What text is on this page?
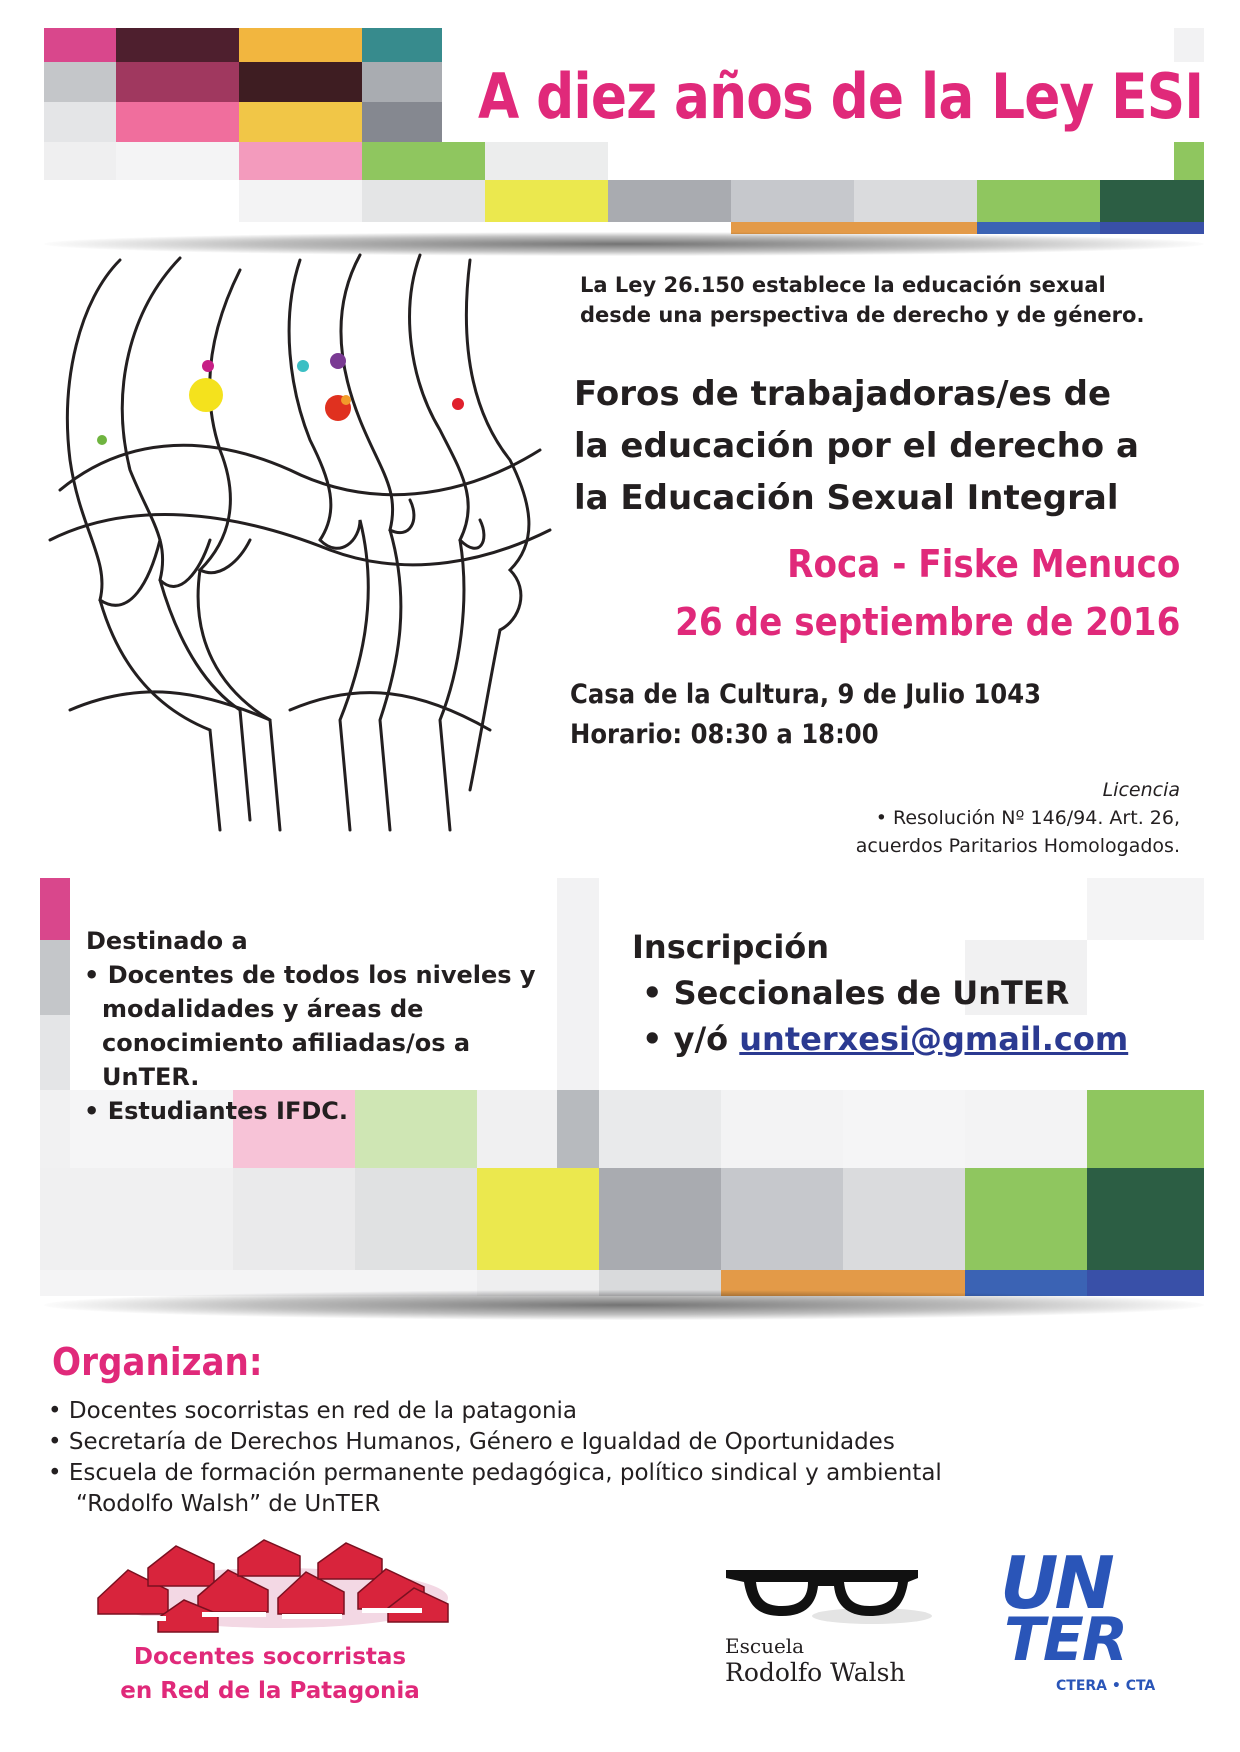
A diez años de la Ley ESI
La Ley 26.150 establece la educación sexual
desde una perspectiva de derecho y de género.
Foros de trabajadoras/es de
la educación por el derecho a
la Educación Sexual Integral
Roca - Fiske Menuco
26 de septiembre de 2016
Casa de la Cultura, 9 de Julio 1043
Horario: 08:30 a 18:00
Licencia
• Resolución Nº 146/94. Art. 26,
acuerdos Paritarios Homologados.
Destinado a
• Docentes de todos los niveles y modalidades y áreas de conocimiento afiliadas/os a UnTER.
• Estudiantes IFDC.
Inscripción
• Seccionales de UnTER
• y/ó unterxesi@gmail.com
Organizan:
• Docentes socorristas en red de la patagonia
• Secretaría de Derechos Humanos, Género e Igualdad de Oportunidades
• Escuela de formación permanente pedagógica, político sindical y ambiental
“Rodolfo Walsh” de UnTER
Docentes socorristas
en Red de la Patagonia
Escuela
Rodolfo Walsh
UN
TER
CTERA • CTA
